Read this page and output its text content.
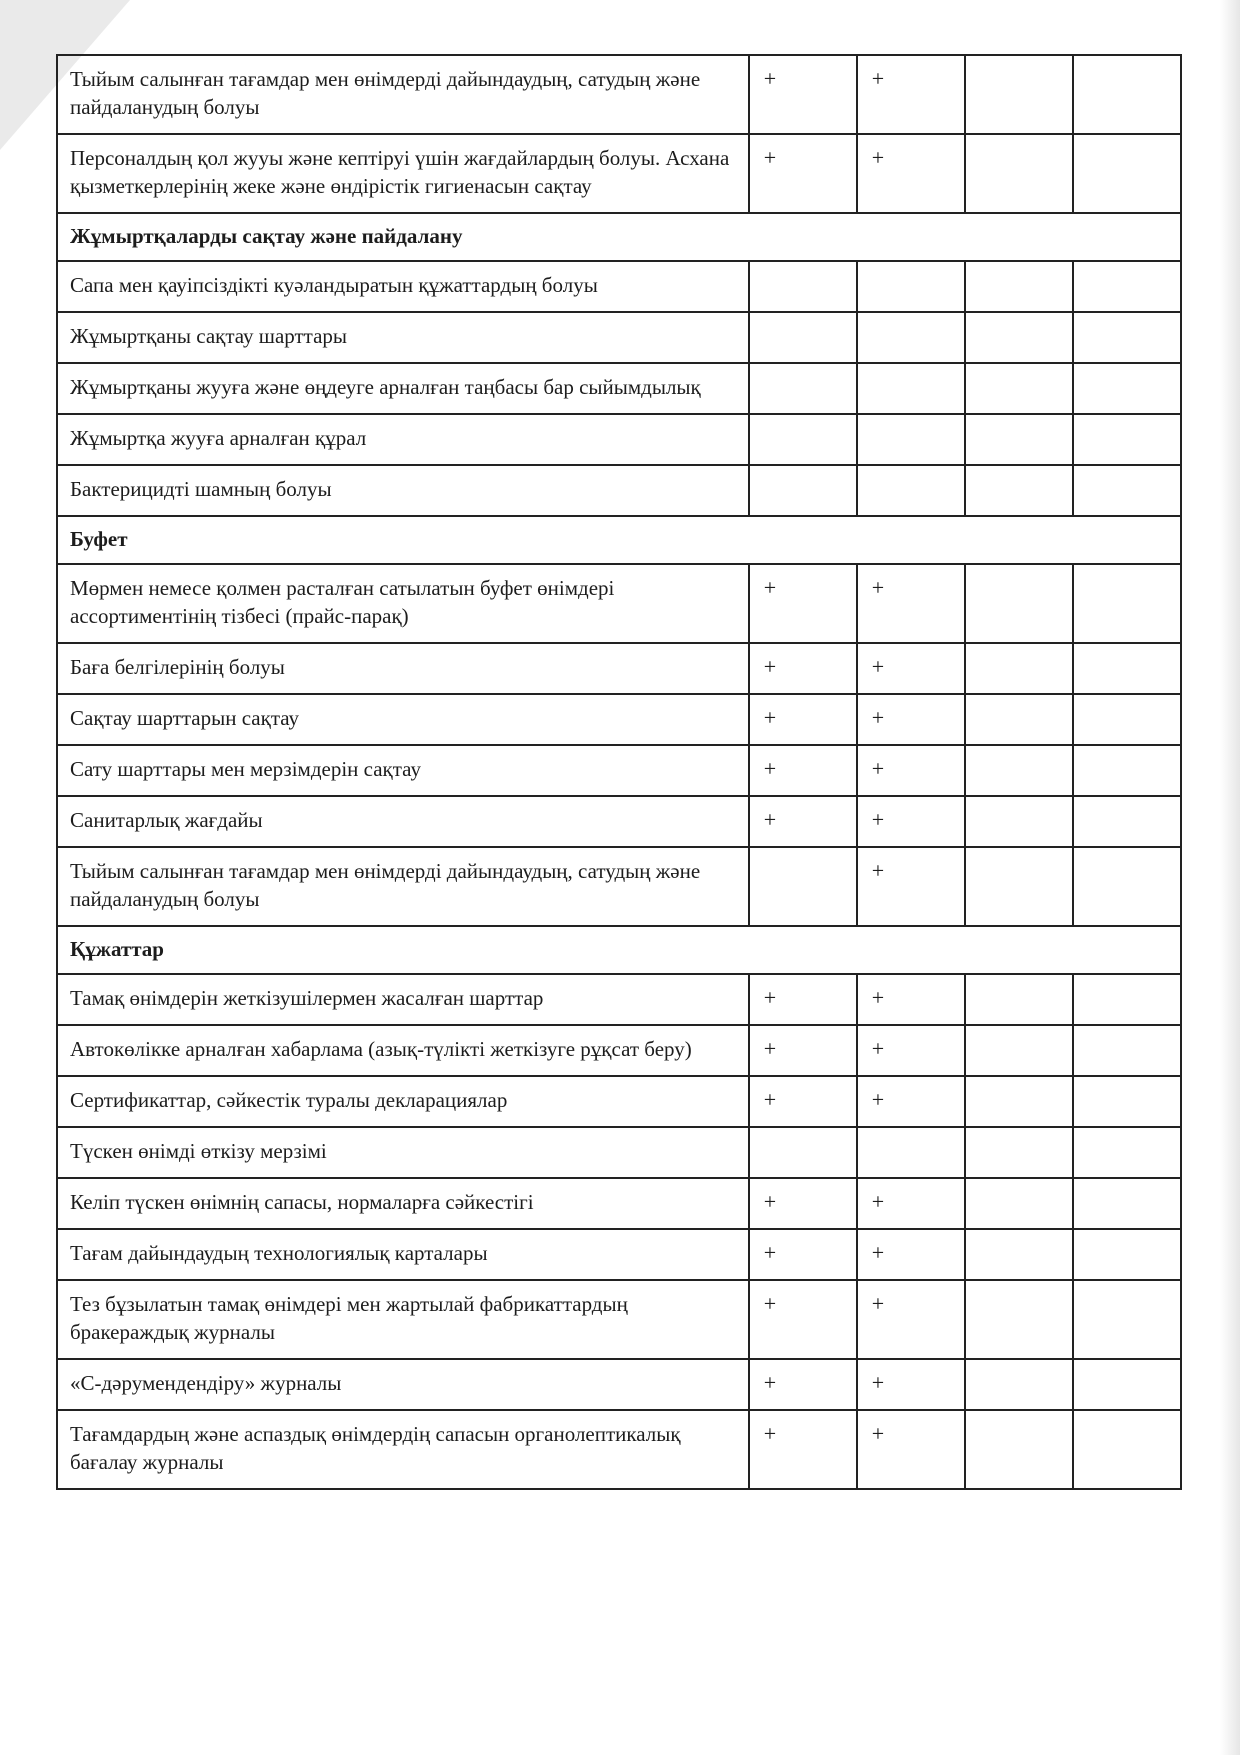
Тыйым салынған тағамдар мен өнімдерді дайындаудың, сатудың және пайдаланудың болуы	+	+		
Персоналдың қол жууы және кептіруі үшін жағдайлардың болуы. Асхана қызметкерлерінің жеке және өндірістік гигиенасын сақтау	+	+		
Жұмыртқаларды сақтау және пайдалану				
Сапа мен қауіпсіздікті куәландыратын құжаттардың болуы				
Жұмыртқаны сақтау шарттары				
Жұмыртқаны жууға және өңдеуге арналған таңбасы бар сыйымдылық				
Жұмыртқа жууға арналған құрал				
Бактерицидті шамның болуы				
Буфет				
Мөрмен немесе қолмен расталған сатылатын буфет өнімдері ассортиментінің тізбесі (прайс-парақ)	+	+		
Баға белгілерінің болуы	+	+		
Сақтау шарттарын сақтау	+	+		
Сату шарттары мен мерзімдерін сақтау	+	+		
Санитарлық жағдайы	+	+		
Тыйым салынған тағамдар мен өнімдерді дайындаудың, сатудың және пайдаланудың болуы		+		
Құжаттар				
Тамақ өнімдерін жеткізушілермен жасалған шарттар	+	+		
Автокөлікке арналған хабарлама (азық-түлікті жеткізуге рұқсат беру)	+	+		
Сертификаттар, сәйкестік туралы декларациялар	+	+		
Түскен өнімді өткізу мерзімі				
Келіп түскен өнімнің сапасы, нормаларға сәйкестігі	+	+		
Тағам дайындаудың технологиялық карталары	+	+		
Тез бұзылатын тамақ өнімдері мен жартылай фабрикаттардың бракераждық журналы	+	+		
«С-дәрумендендіру» журналы	+	+		
Тағамдардың және аспаздық өнімдердің сапасын органолептикалық бағалау журналы	+	+		
